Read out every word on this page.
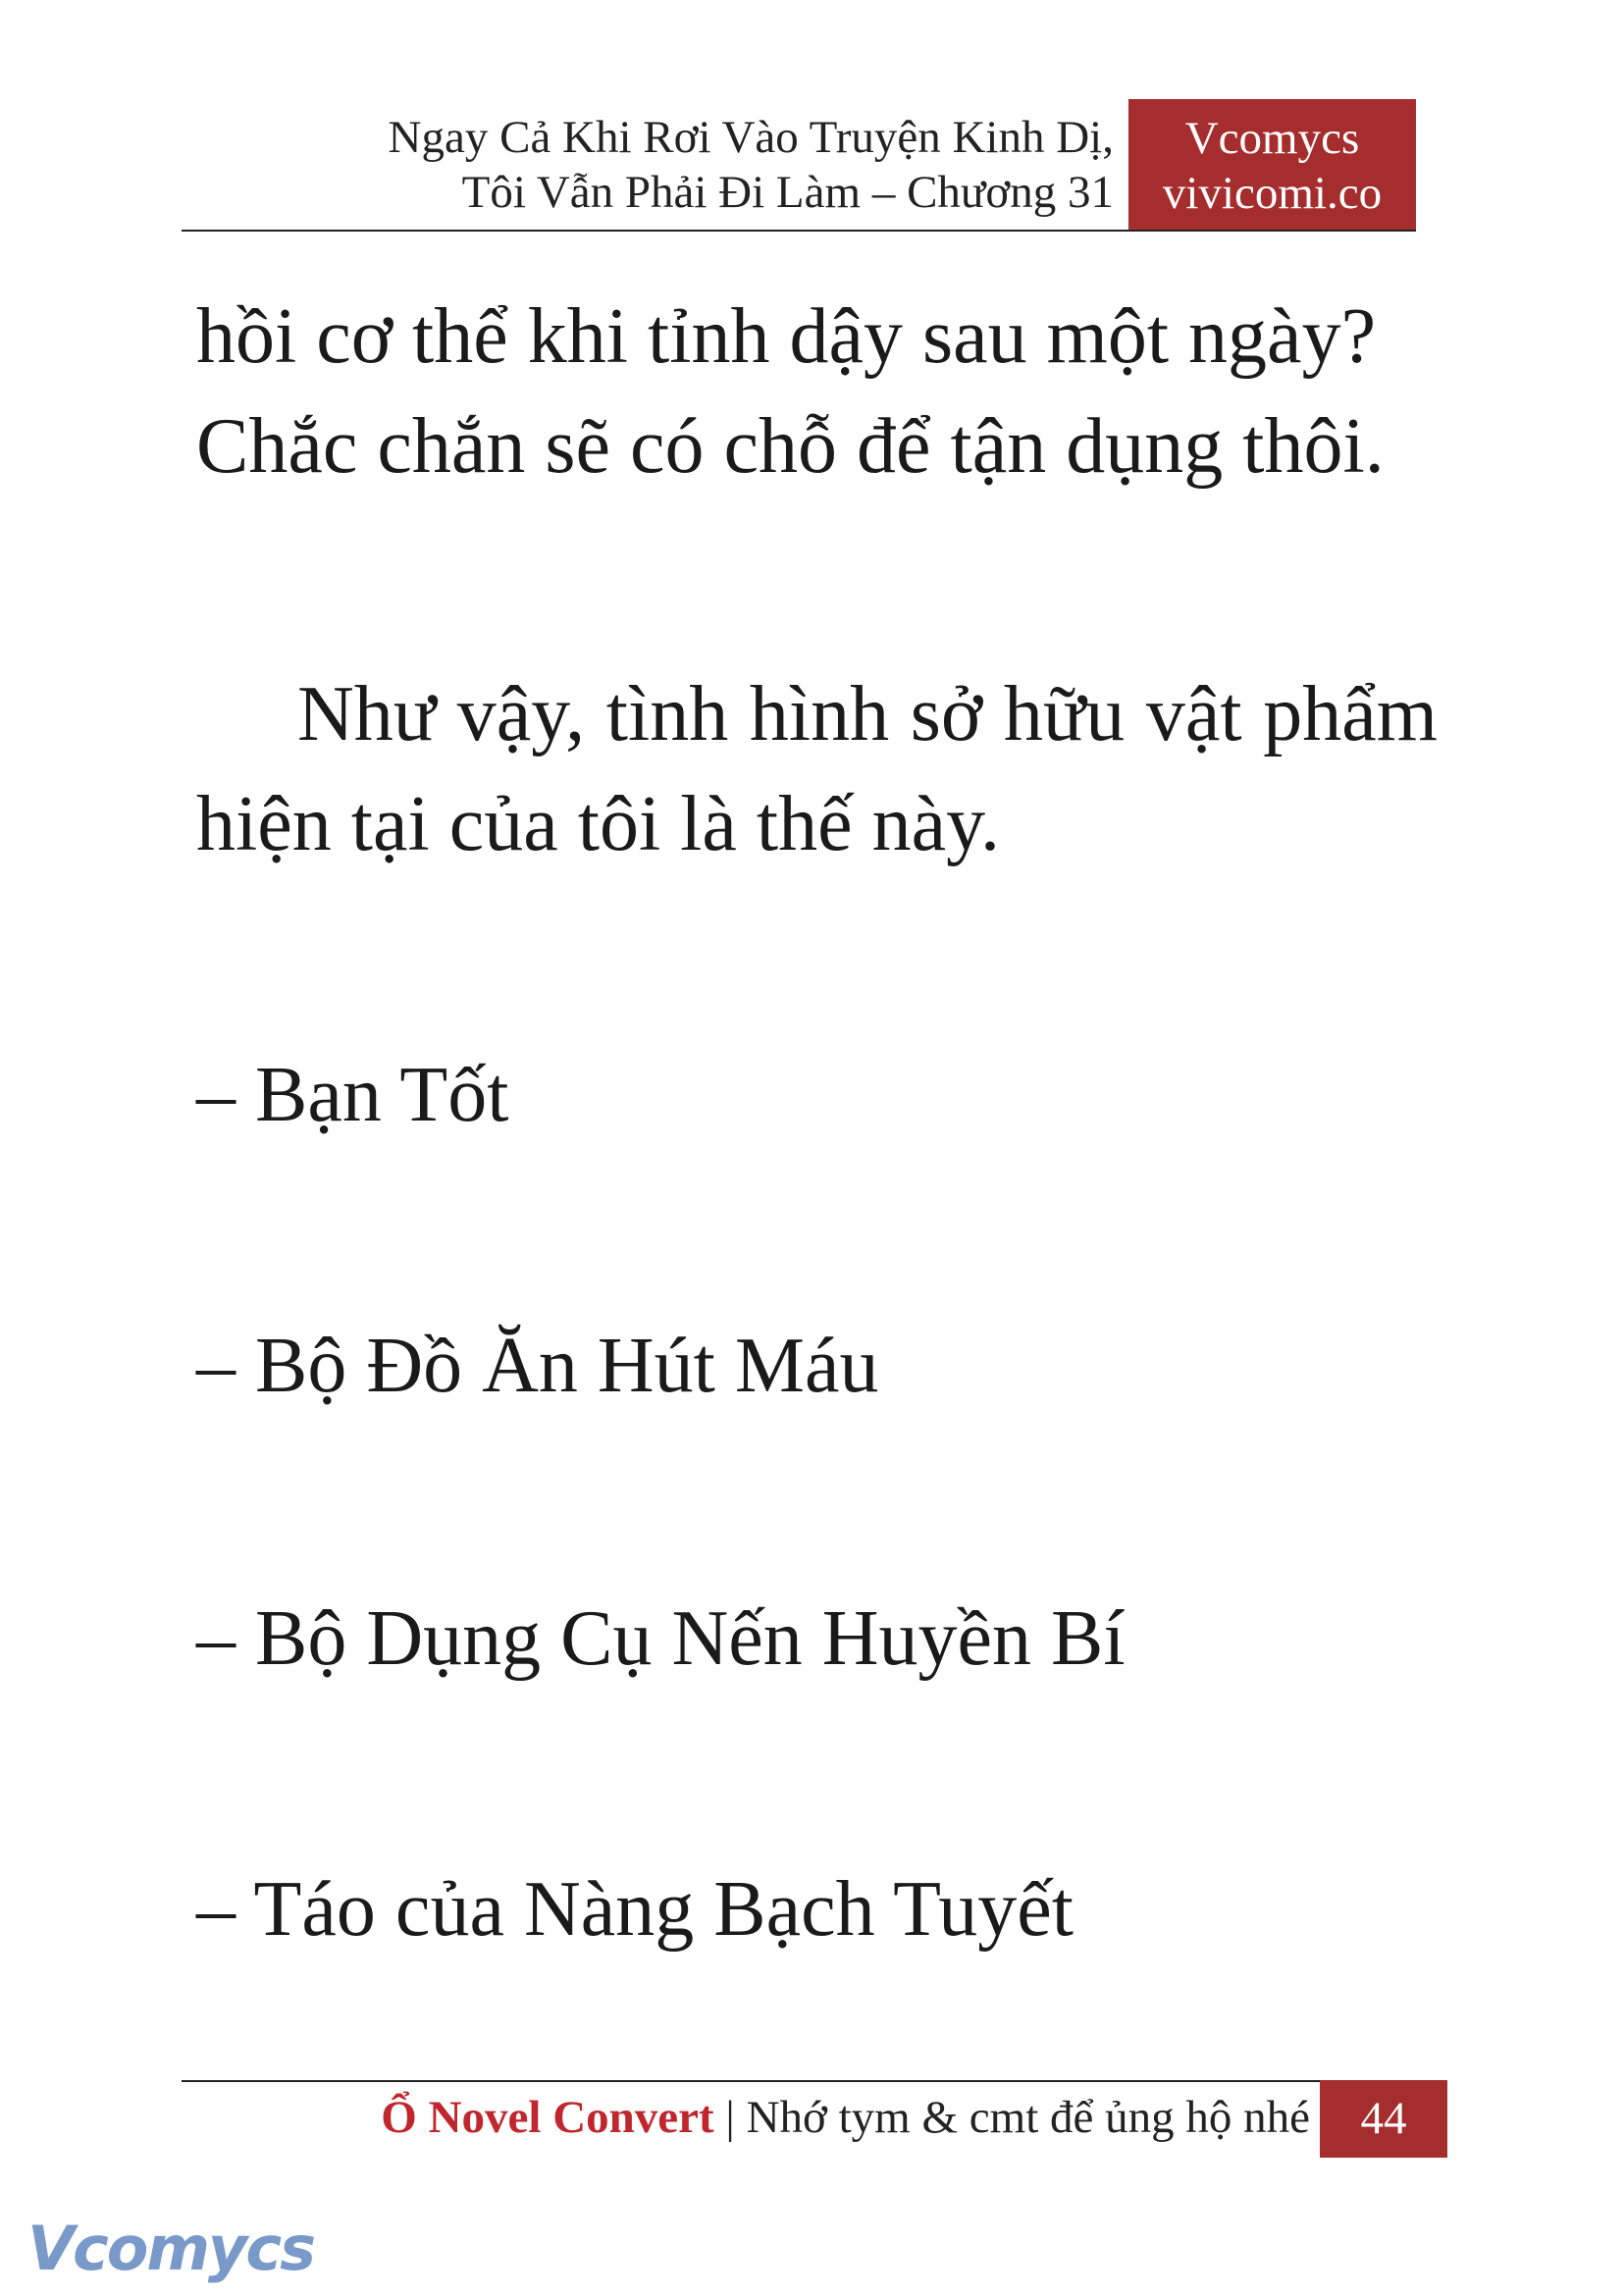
Ngay Cả Khi Rơi Vào Truyện Kinh Dị,
Tôi Vẫn Phải Đi Làm – Chương 31
Vcomycs
vivicomi.co
hồi cơ thể khi tỉnh dậy sau một ngày?
Chắc chắn sẽ có chỗ để tận dụng thôi.
Như vậy, tình hình sở hữu vật phẩm hiện tại của tôi là thế này.
– Bạn Tốt
– Bộ Đồ Ăn Hút Máu
– Bộ Dụng Cụ Nến Huyền Bí
– Táo của Nàng Bạch Tuyết
Ổ Novel Convert | Nhớ tym & cmt để ủng hộ nhé	44
Vcomycs
